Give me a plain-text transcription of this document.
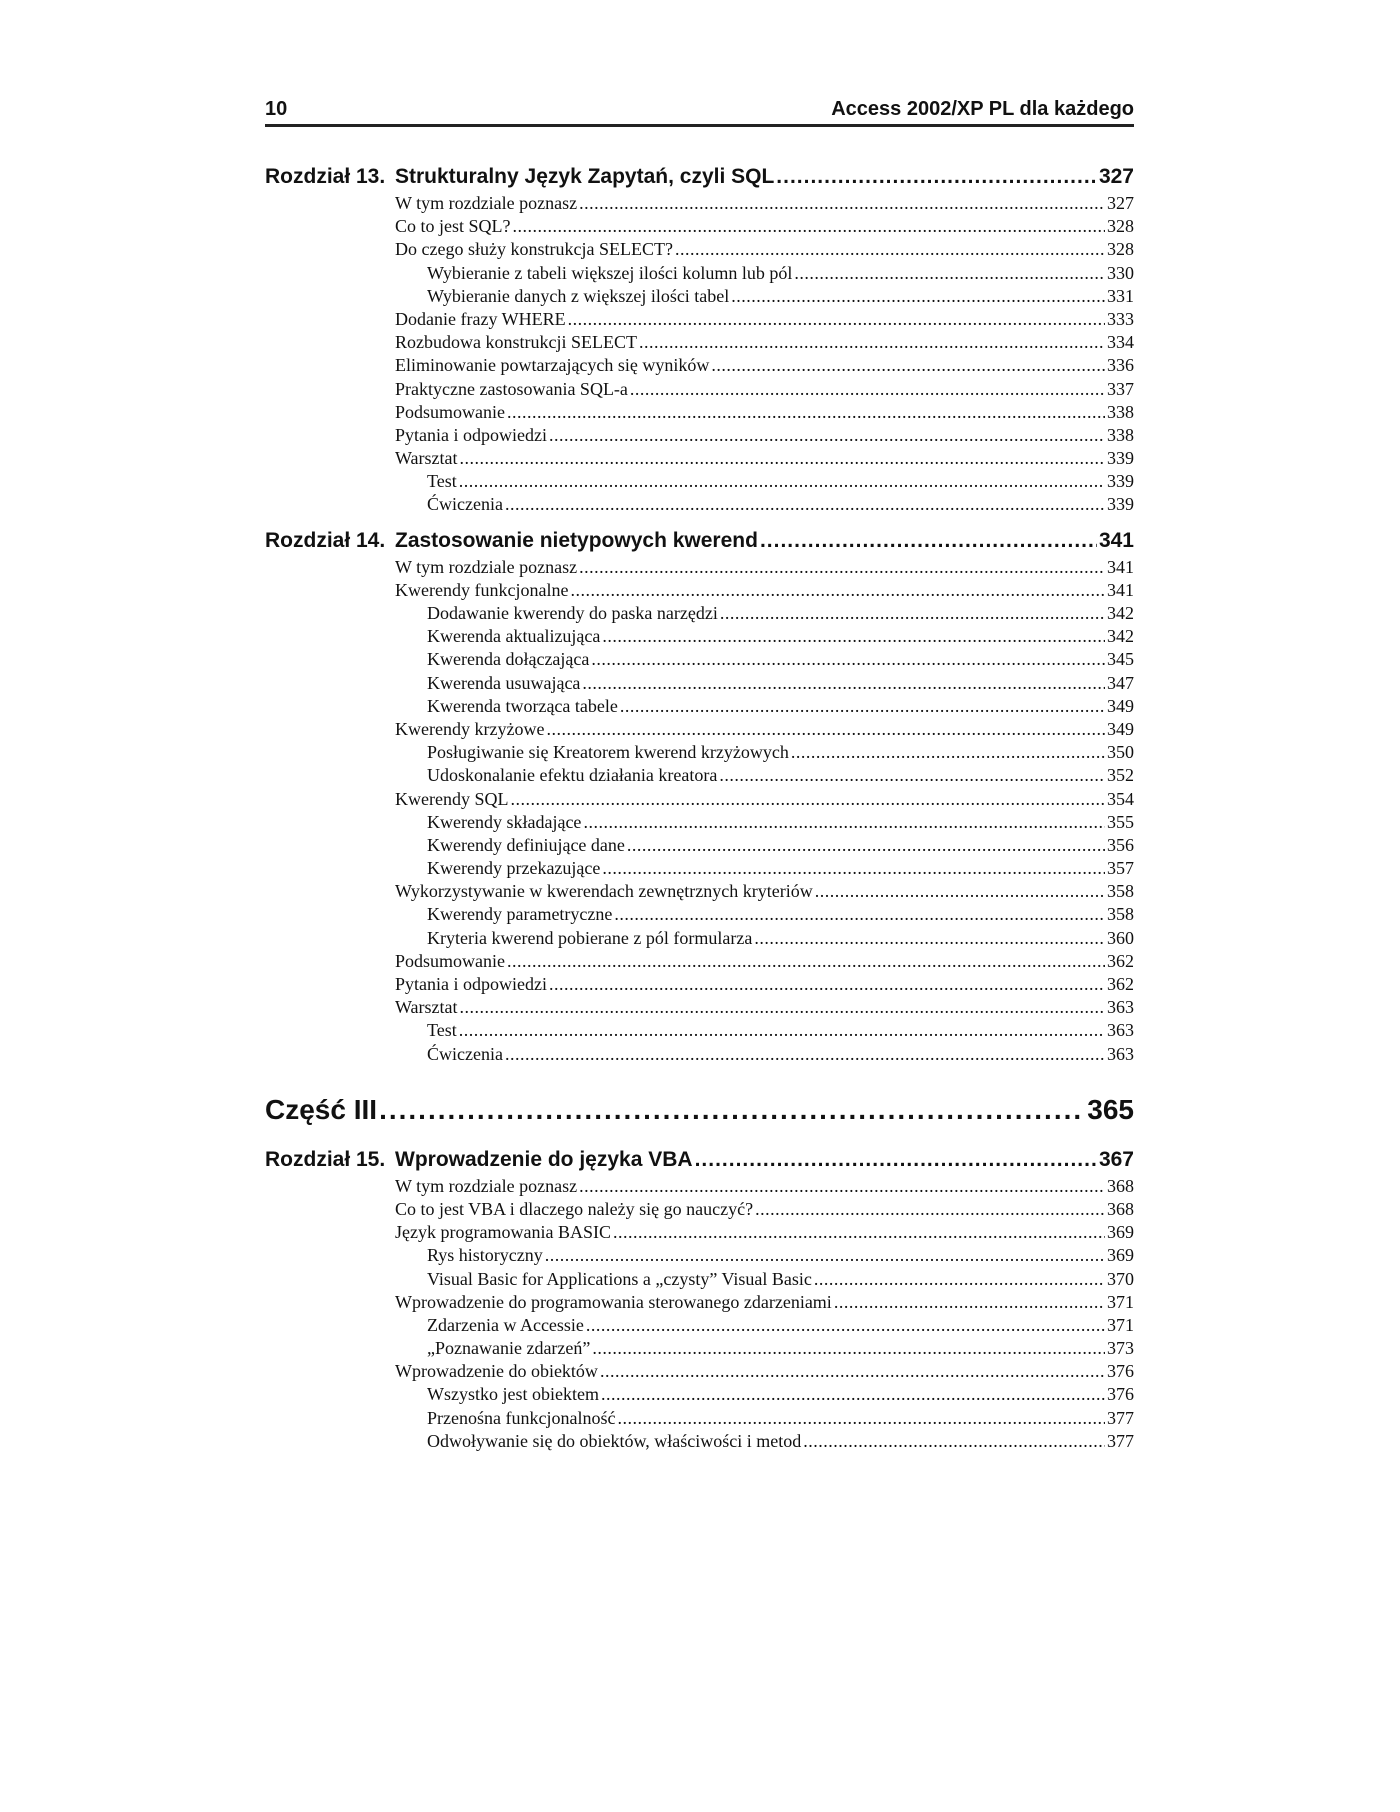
10	Access 2002/XP PL dla każdego
Rozdział 13. Strukturalny Język Zapytań, czyli SQL .....	327
W tym rozdziale poznasz .....	327
Co to jest SQL? .....	328
Do czego służy konstrukcja SELECT? .....	328
Wybieranie z tabeli większej ilości kolumn lub pól .....	330
Wybieranie danych z większej ilości tabel .....	331
Dodanie frazy WHERE .....	333
Rozbudowa konstrukcji SELECT .....	334
Eliminowanie powtarzających się wyników .....	336
Praktyczne zastosowania SQL-a .....	337
Podsumowanie .....	338
Pytania i odpowiedzi .....	338
Warsztat .....	339
Test .....	339
Ćwiczenia .....	339
Rozdział 14. Zastosowanie nietypowych kwerend .....	341
W tym rozdziale poznasz .....	341
Kwerendy funkcjonalne .....	341
Dodawanie kwerendy do paska narzędzi .....	342
Kwerenda aktualizująca .....	342
Kwerenda dołączająca .....	345
Kwerenda usuwająca .....	347
Kwerenda tworząca tabele .....	349
Kwerendy krzyżowe .....	349
Posługiwanie się Kreatorem kwerend krzyżowych .....	350
Udoskonalanie efektu działania kreatora .....	352
Kwerendy SQL .....	354
Kwerendy składające .....	355
Kwerendy definiujące dane .....	356
Kwerendy przekazujące .....	357
Wykorzystywanie w kwerendach zewnętrznych kryteriów .....	358
Kwerendy parametryczne .....	358
Kryteria kwerend pobierane z pól formularza .....	360
Podsumowanie .....	362
Pytania i odpowiedzi .....	362
Warsztat .....	363
Test .....	363
Ćwiczenia .....	363
Część III .....	365
Rozdział 15. Wprowadzenie do języka VBA .....	367
W tym rozdziale poznasz .....	368
Co to jest VBA i dlaczego należy się go nauczyć? .....	368
Język programowania BASIC .....	369
Rys historyczny .....	369
Visual Basic for Applications a „czysty” Visual Basic .....	370
Wprowadzenie do programowania sterowanego zdarzeniami .....	371
Zdarzenia w Accessie .....	371
„Poznawanie zdarzeń” .....	373
Wprowadzenie do obiektów .....	376
Wszystko jest obiektem .....	376
Przenośna funkcjonalność .....	377
Odwoływanie się do obiektów, właściwości i metod .....	377
